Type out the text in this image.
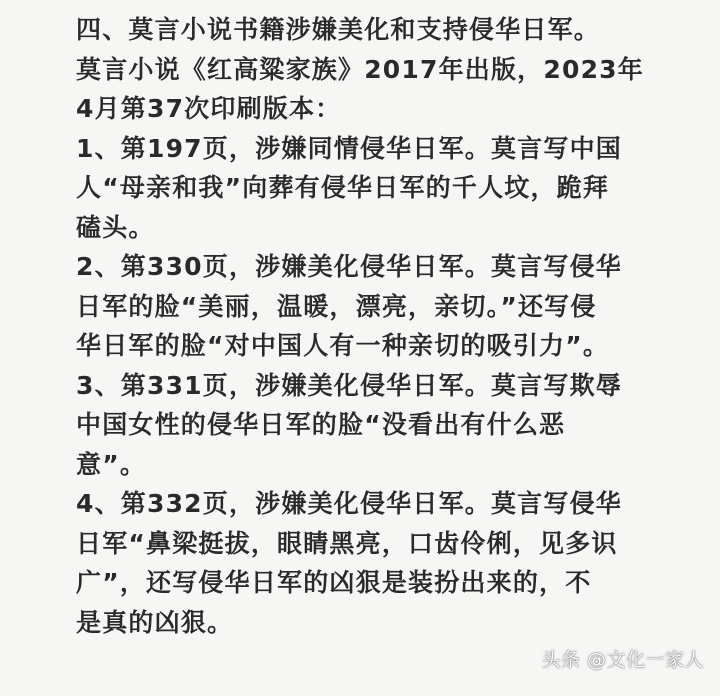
四、莫言小说书籍涉嫌美化和支持侵华日军。
莫言小说《红高粱家族》2017年出版，2023年
4月第37次印刷版本：
1、第197页，涉嫌同情侵华日军。莫言写中国
人“母亲和我”向葬有侵华日军的千人坟，跪拜
磕头。
2、第330页，涉嫌美化侵华日军。莫言写侵华
日军的脸“美丽，温暖，漂亮，亲切。”还写侵
华日军的脸“对中国人有一种亲切的吸引力”。
3、第331页，涉嫌美化侵华日军。莫言写欺辱
中国女性的侵华日军的脸“没看出有什么恶
意”。
4、第332页，涉嫌美化侵华日军。莫言写侵华
日军“鼻梁挺拔，眼睛黑亮，口齿伶俐，见多识
广”，还写侵华日军的凶狠是装扮出来的，不
是真的凶狠。
头条 @文化一家人
